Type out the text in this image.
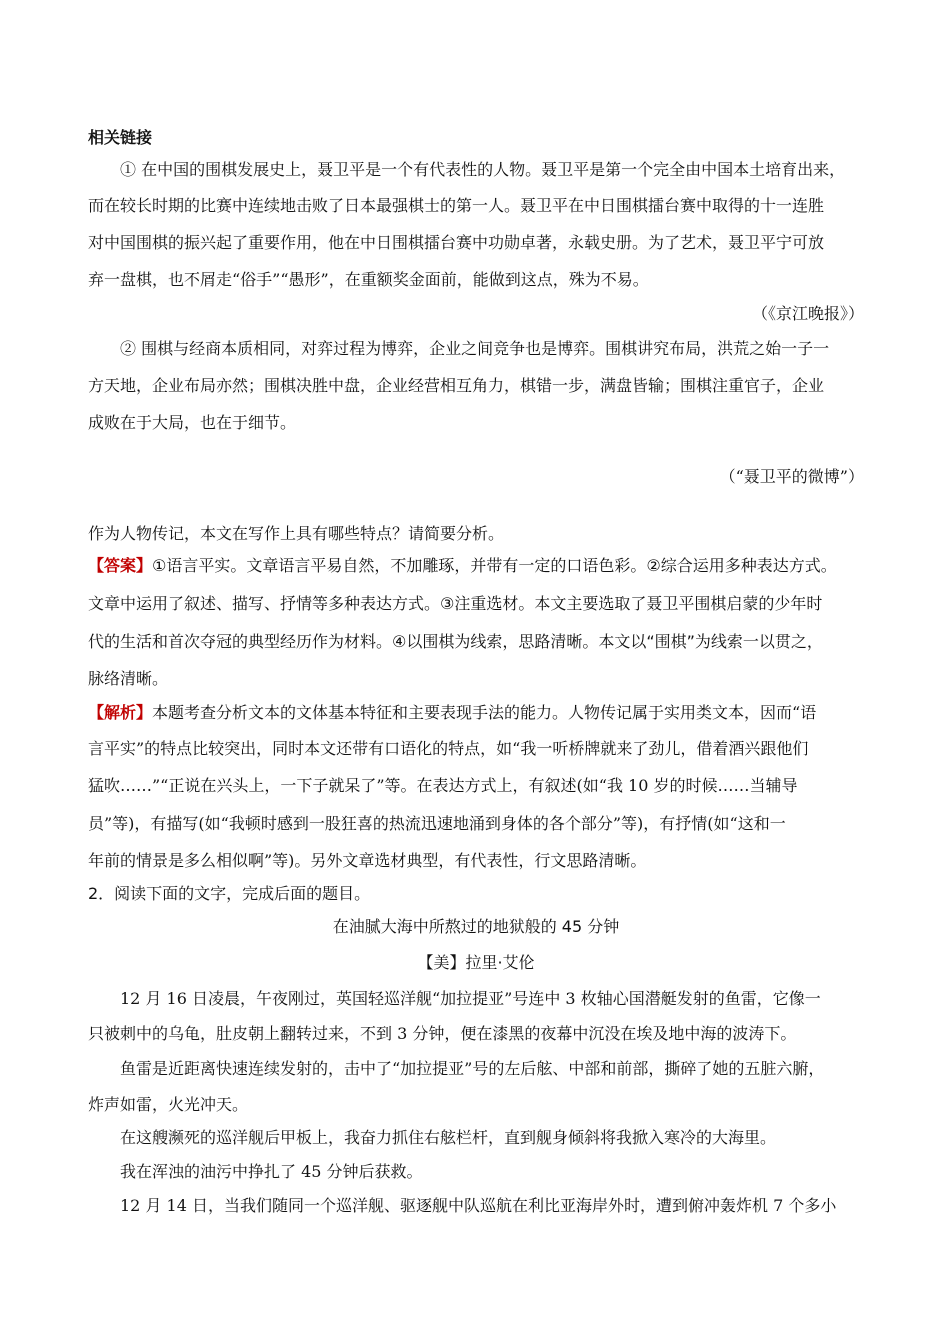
相关链接
① 在中国的围棋发展史上，聂卫平是一个有代表性的人物。聂卫平是第一个完全由中国本土培育出来，
而在较长时期的比赛中连续地击败了日本最强棋士的第一人。聂卫平在中日围棋擂台赛中取得的十一连胜
对中国围棋的振兴起了重要作用，他在中日围棋擂台赛中功勋卓著，永载史册。为了艺术，聂卫平宁可放
弃一盘棋，也不屑走“俗手”“愚形”，在重额奖金面前，能做到这点，殊为不易。
（《京江晚报》）
② 围棋与经商本质相同，对弈过程为博弈，企业之间竞争也是博弈。围棋讲究布局，洪荒之始一子一
方天地，企业布局亦然；围棋决胜中盘，企业经营相互角力，棋错一步，满盘皆输；围棋注重官子，企业
成败在于大局，也在于细节。
（“聂卫平的微博”）
作为人物传记，本文在写作上具有哪些特点？请简要分析。
【答案】①语言平实。文章语言平易自然，不加雕琢，并带有一定的口语色彩。②综合运用多种表达方式。
文章中运用了叙述、描写、抒情等多种表达方式。③注重选材。本文主要选取了聂卫平围棋启蒙的少年时
代的生活和首次夺冠的典型经历作为材料。④以围棋为线索，思路清晰。本文以“围棋”为线索一以贯之，
脉络清晰。
【解析】本题考查分析文本的文体基本特征和主要表现手法的能力。人物传记属于实用类文本，因而“语
言平实”的特点比较突出，同时本文还带有口语化的特点，如“我一听桥牌就来了劲儿，借着酒兴跟他们
猛吹……”“正说在兴头上，一下子就呆了”等。在表达方式上，有叙述(如“我 10 岁的时候……当辅导
员”等)，有描写(如“我顿时感到一股狂喜的热流迅速地涌到身体的各个部分”等)，有抒情(如“这和一
年前的情景是多么相似啊”等)。另外文章选材典型，有代表性，行文思路清晰。
2．阅读下面的文字，完成后面的题目。
在油腻大海中所熬过的地狱般的 45 分钟
【美】拉里·艾伦
12 月 16 日凌晨，午夜刚过，英国轻巡洋舰“加拉提亚”号连中 3 枚轴心国潜艇发射的鱼雷，它像一
只被刺中的乌龟，肚皮朝上翻转过来，不到 3 分钟，便在漆黑的夜幕中沉没在埃及地中海的波涛下。
鱼雷是近距离快速连续发射的，击中了“加拉提亚”号的左后舷、中部和前部，撕碎了她的五脏六腑，
炸声如雷，火光冲天。
在这艘濒死的巡洋舰后甲板上，我奋力抓住右舷栏杆，直到舰身倾斜将我掀入寒冷的大海里。
我在浑浊的油污中挣扎了 45 分钟后获救。
12 月 14 日，当我们随同一个巡洋舰、驱逐舰中队巡航在利比亚海岸外时，遭到俯冲轰炸机 7 个多小
